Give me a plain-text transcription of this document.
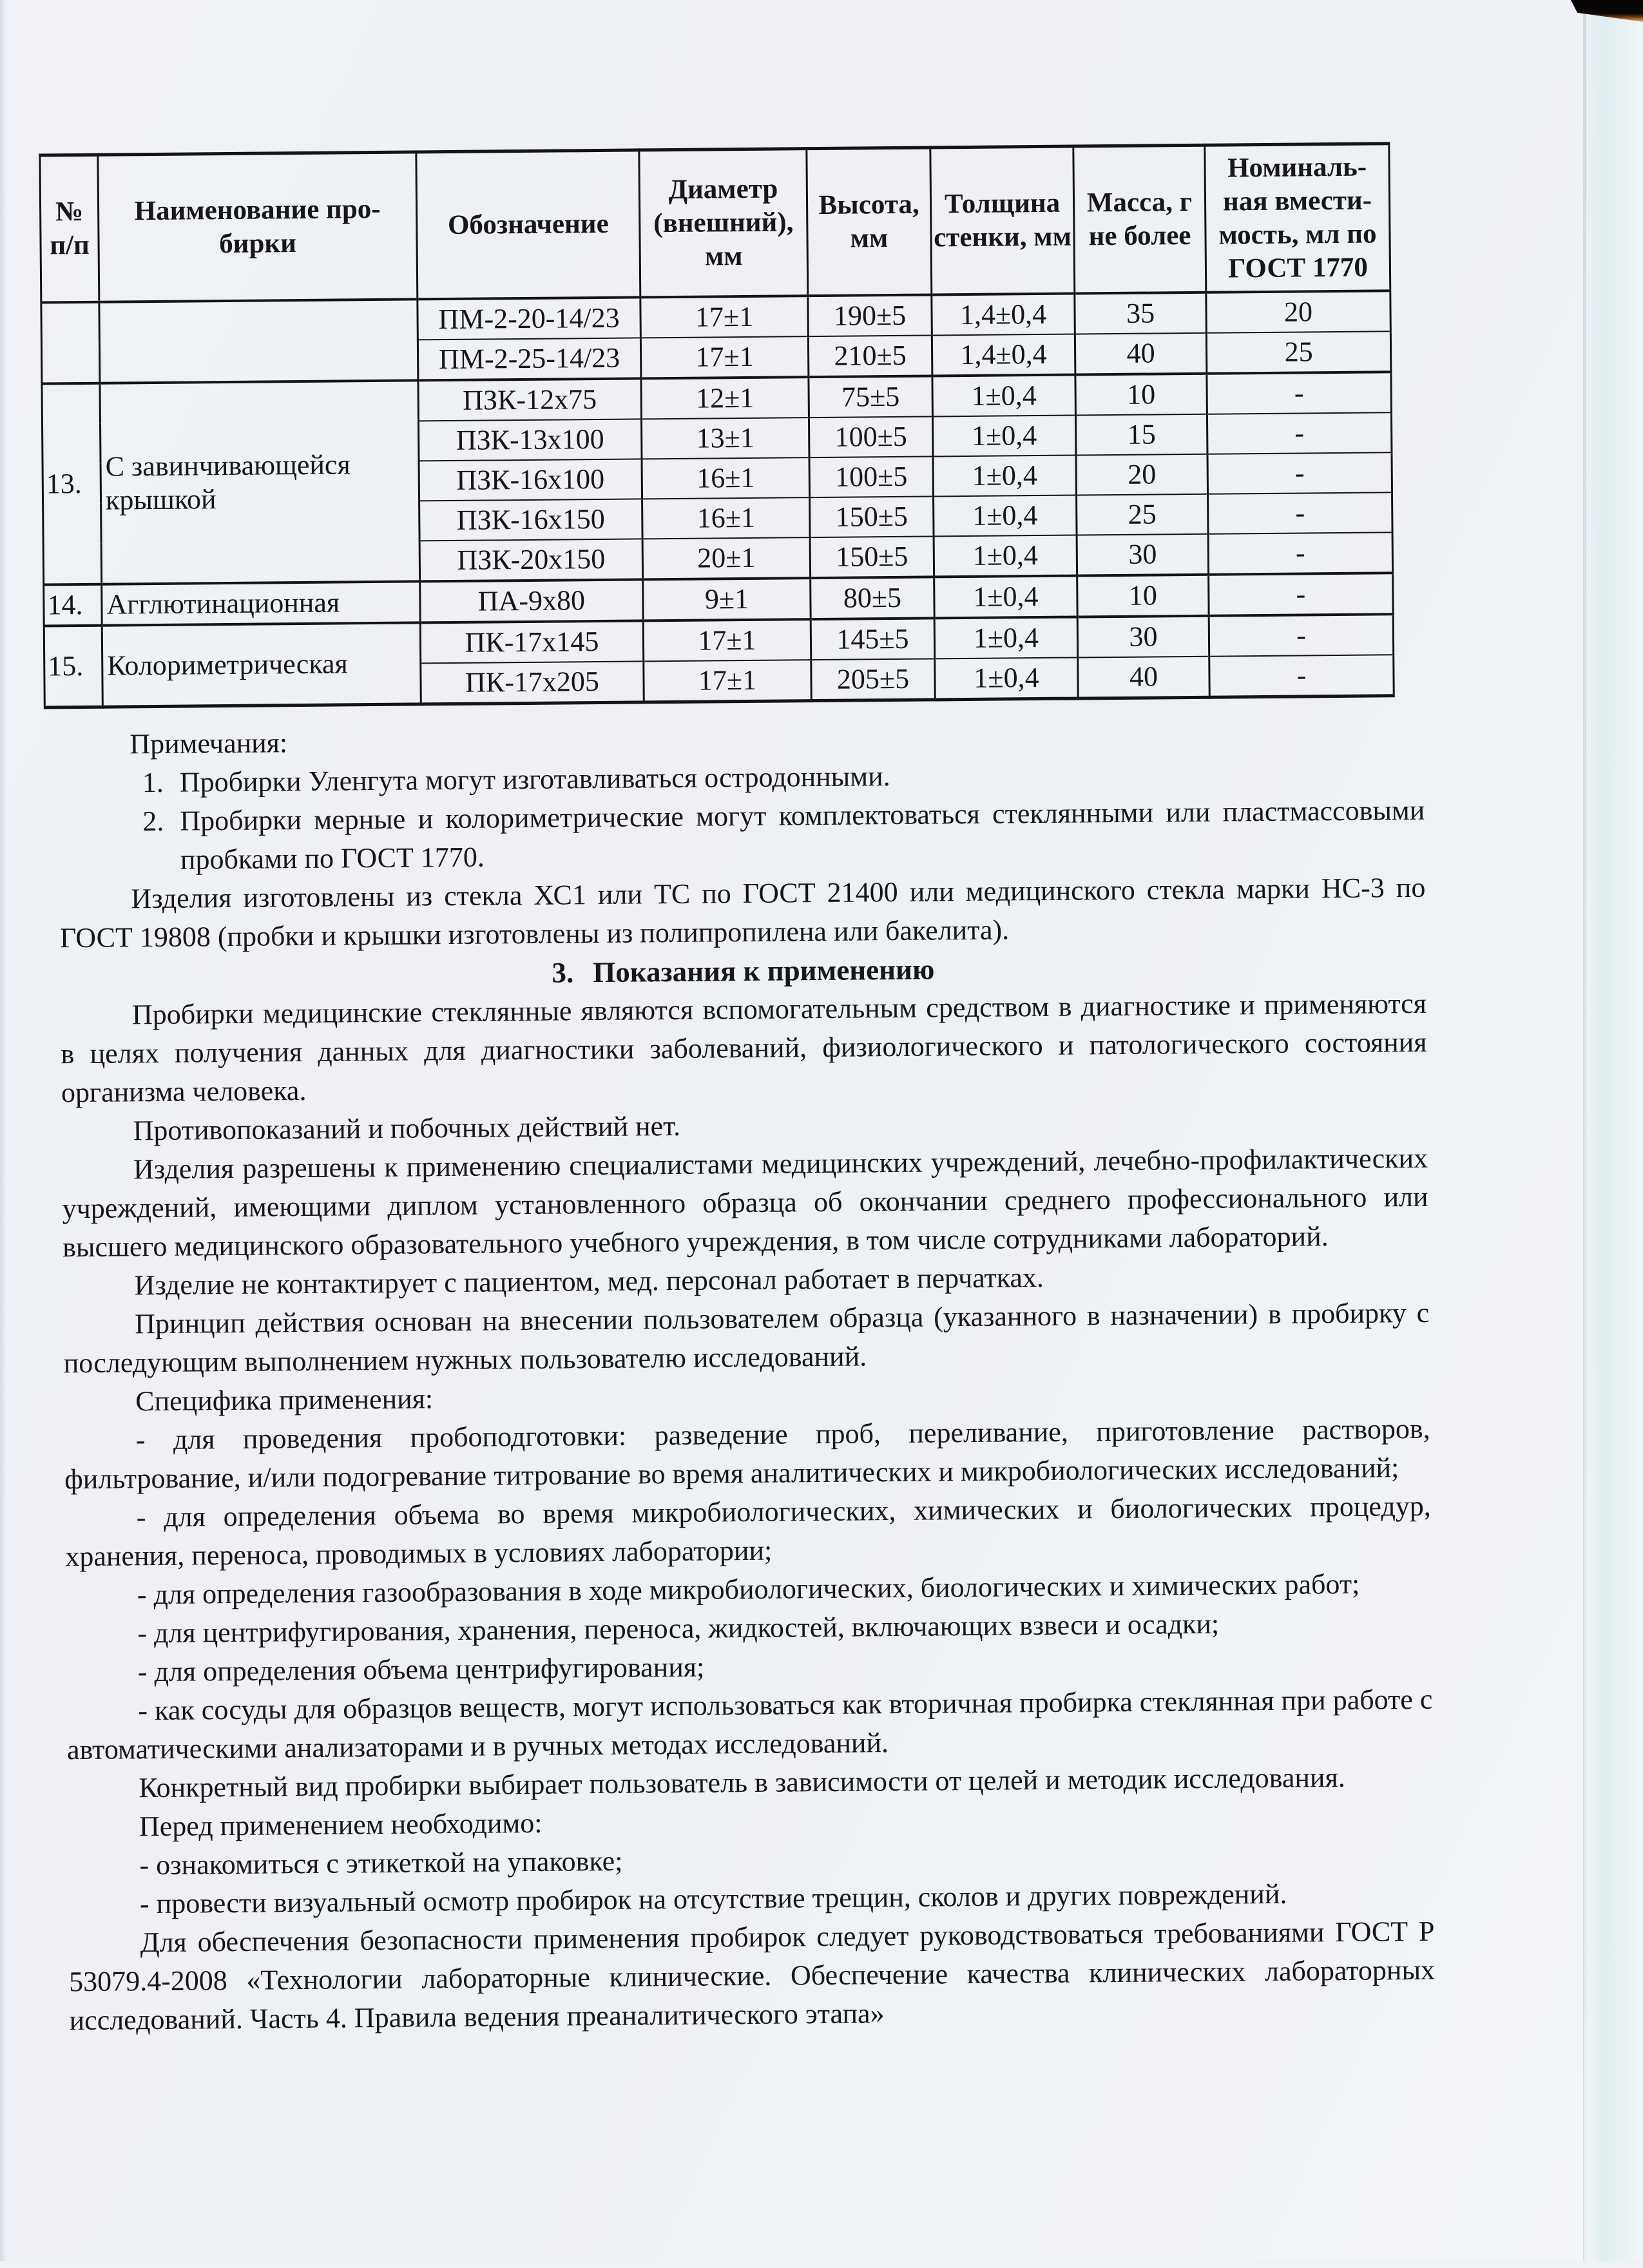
№ п/п	Наименование про-бирки	Обозначение	Диаметр (внешний), мм	Высота, мм	Толщина стенки, мм	Масса, г не более	Номиналь-ная вмести-мость, мл по ГОСТ 1770
		ПМ-2-20-14/23	17±1	190±5	1,4±0,4	35	20
		ПМ-2-25-14/23	17±1	210±5	1,4±0,4	40	25
13.	С завинчивающейся крышкой	ПЗК-12х75	12±1	75±5	1±0,4	10	-
		ПЗК-13х100	13±1	100±5	1±0,4	15	-
		ПЗК-16х100	16±1	100±5	1±0,4	20	-
		ПЗК-16х150	16±1	150±5	1±0,4	25	-
		ПЗК-20х150	20±1	150±5	1±0,4	30	-
14.	Агглютинационная	ПА-9х80	9±1	80±5	1±0,4	10	-
15.	Колориметрическая	ПК-17х145	17±1	145±5	1±0,4	30	-
		ПК-17х205	17±1	205±5	1±0,4	40	-

Примечания:

1. Пробирки Уленгута могут изготавливаться остродонными.
2. Пробирки мерные и колориметрические могут комплектоваться стеклянными или пластмассовыми пробками по ГОСТ 1770.

Изделия изготовлены из стекла ХС1 или ТС по ГОСТ 21400 или медицинского стекла марки НС-3 по ГОСТ 19808 (пробки и крышки изготовлены из полипропилена или бакелита).

3. Показания к применению

Пробирки медицинские стеклянные являются вспомогательным средством в диагностике и применяются в целях получения данных для диагностики заболеваний, физиологического и патологического состояния организма человека.

Противопоказаний и побочных действий нет.

Изделия разрешены к применению специалистами медицинских учреждений, лечебно-профилактических учреждений, имеющими диплом установленного образца об окончании среднего профессионального или высшего медицинского образовательного учебного учреждения, в том числе сотрудниками лабораторий.

Изделие не контактирует с пациентом, мед. персонал работает в перчатках.

Принцип действия основан на внесении пользователем образца (указанного в назначении) в пробирку с последующим выполнением нужных пользователю исследований.

Специфика применения:

- для проведения пробоподготовки: разведение проб, переливание, приготовление растворов, фильтрование, и/или подогревание титрование во время аналитических и микробиологических исследований;

- для определения объема во время микробиологических, химических и биологических процедур, хранения, переноса, проводимых в условиях лаборатории;

- для определения газообразования в ходе микробиологических, биологических и химических работ;

- для центрифугирования, хранения, переноса, жидкостей, включающих взвеси и осадки;

- для определения объема центрифугирования;

- как сосуды для образцов веществ, могут использоваться как вторичная пробирка стеклянная при работе с автоматическими анализаторами и в ручных методах исследований.

Конкретный вид пробирки выбирает пользователь в зависимости от целей и методик исследования.

Перед применением необходимо:

- ознакомиться с этикеткой на упаковке;

- провести визуальный осмотр пробирок на отсутствие трещин, сколов и других повреждений.

Для обеспечения безопасности применения пробирок следует руководствоваться требованиями ГОСТ Р 53079.4-2008 «Технологии лабораторные клинические. Обеспечение качества клинических лабораторных исследований. Часть 4. Правила ведения преаналитического этапа»
